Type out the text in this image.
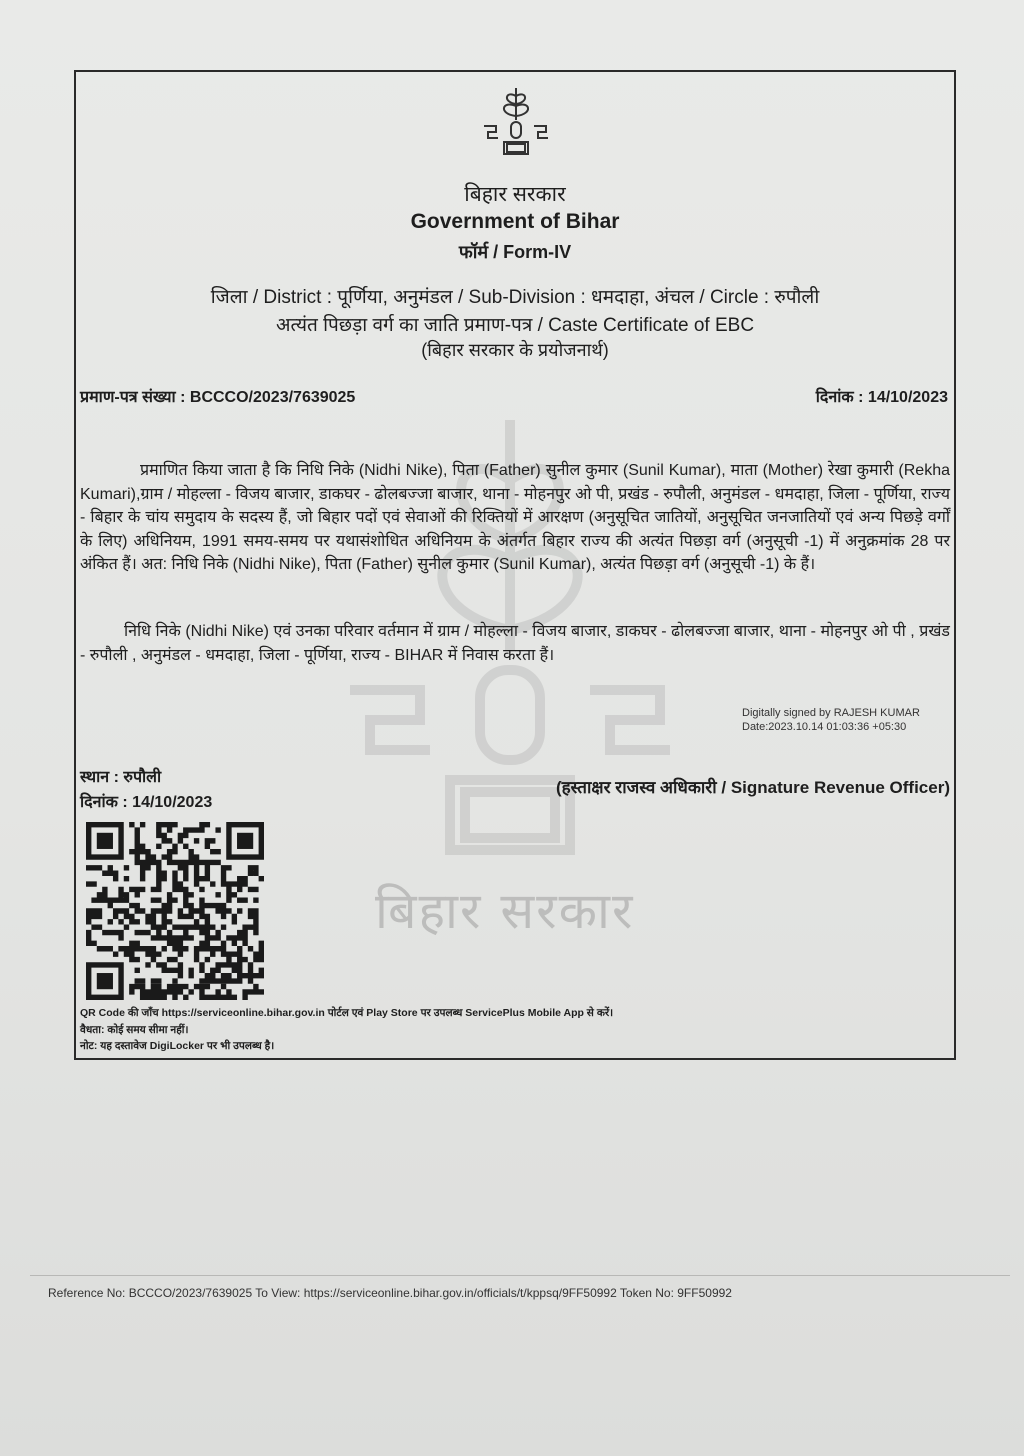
बिहार सरकार
बिहार सरकार
Government of Bihar
फॉर्म / Form-IV
जिला / District : पूर्णिया, अनुमंडल / Sub-Division : धमदाहा, अंचल / Circle : रुपौली
अत्यंत पिछड़ा वर्ग का जाति प्रमाण-पत्र / Caste Certificate of EBC
(बिहार सरकार के प्रयोजनार्थ)
प्रमाण-पत्र संख्या : BCCCO/2023/7639025	दिनांक : 14/10/2023
प्रमाणित किया जाता है कि निधि निके (Nidhi Nike), पिता (Father) सुनील कुमार (Sunil Kumar), माता (Mother) रेखा कुमारी (Rekha Kumari),ग्राम / मोहल्ला - विजय बाजार, डाकघर - ढोलबज्जा बाजार, थाना - मोहनपुर ओ पी, प्रखंड - रुपौली, अनुमंडल - धमदाहा, जिला - पूर्णिया, राज्य - बिहार के चांय समुदाय के सदस्य हैं, जो बिहार पदों एवं सेवाओं की रिक्तियों में आरक्षण (अनुसूचित जातियों, अनुसूचित जनजातियों एवं अन्य पिछड़े वर्गों के लिए) अधिनियम, 1991 समय-समय पर यथासंशोधित अधिनियम के अंतर्गत बिहार राज्य की अत्यंत पिछड़ा वर्ग (अनुसूची -1) में अनुक्रमांक 28 पर अंकित हैं। अत: निधि निके (Nidhi Nike), पिता (Father) सुनील कुमार (Sunil Kumar), अत्यंत पिछड़ा वर्ग (अनुसूची -1) के हैं।
निधि निके (Nidhi Nike) एवं उनका परिवार वर्तमान में ग्राम / मोहल्ला - विजय बाजार, डाकघर - ढोलबज्जा बाजार, थाना - मोहनपुर ओ पी , प्रखंड - रुपौली , अनुमंडल - धमदाहा, जिला - पूर्णिया, राज्य - BIHAR में निवास करता हैं।
Digitally signed by RAJESH KUMAR
Date:2023.10.14 01:03:36 +05:30
स्थान : रुपौली
दिनांक : 14/10/2023
(हस्ताक्षर राजस्व अधिकारी / Signature Revenue Officer)
QR Code की जाँच https://serviceonline.bihar.gov.in पोर्टल एवं Play Store पर उपलब्ध ServicePlus Mobile App से करें।
वैधता: कोई समय सीमा नहीं।
नोट: यह दस्तावेज DigiLocker पर भी उपलब्ध है।
Reference No: BCCCO/2023/7639025 To View: https://serviceonline.bihar.gov.in/officials/t/kppsq/9FF50992 Token No: 9FF50992
